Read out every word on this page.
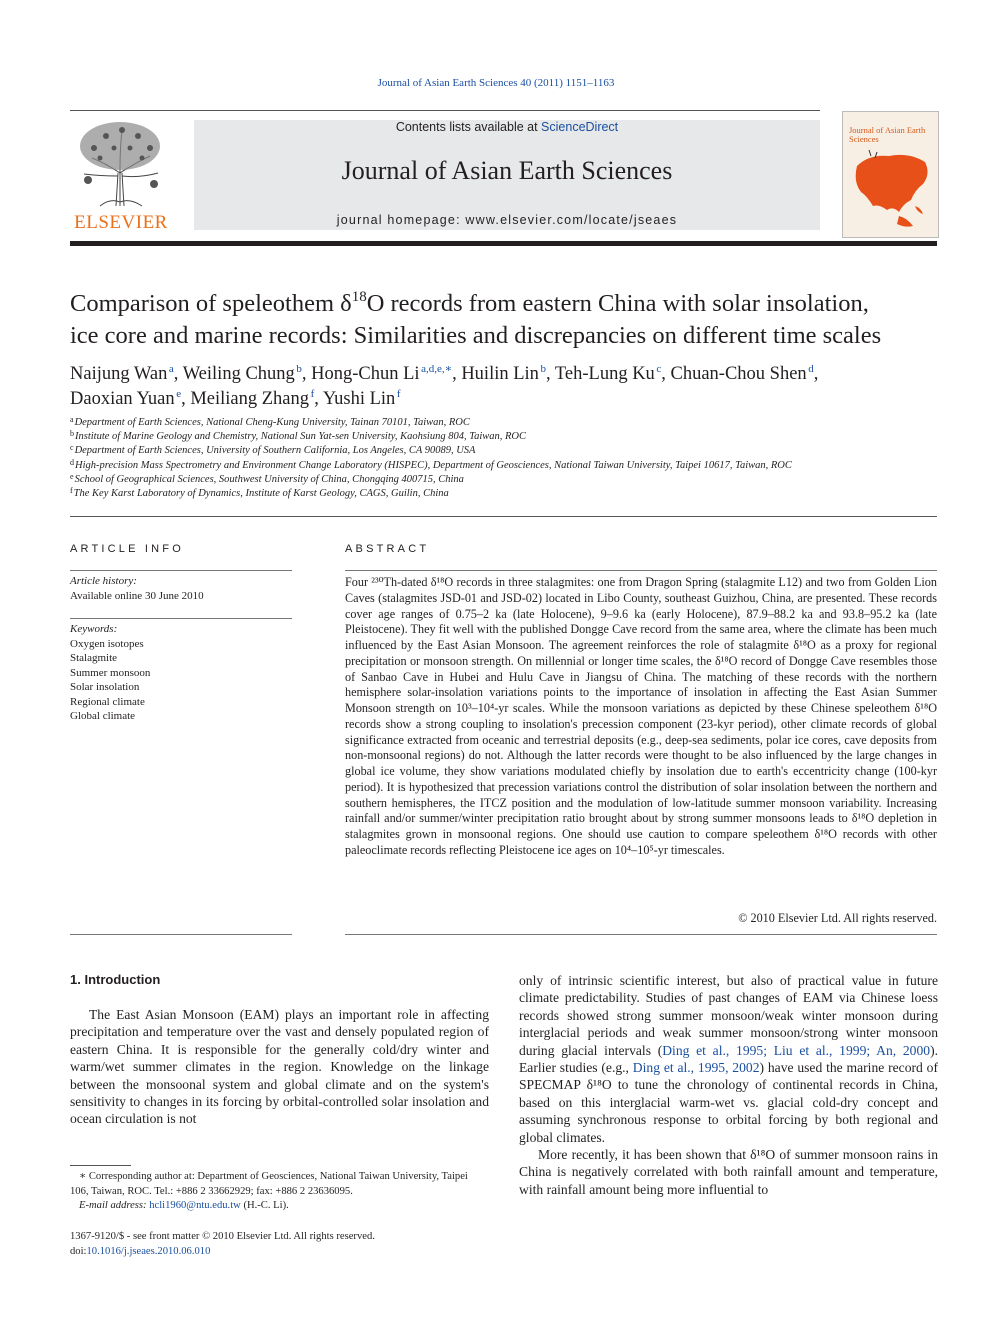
Journal of Asian Earth Sciences 40 (2011) 1151–1163
ELSEVIER
Contents lists available at ScienceDirect
Journal of Asian Earth Sciences
journal homepage: www.elsevier.com/locate/jseaes
Journal of Asian Earth Sciences
Comparison of speleothem $\delta^{18}O$ records from eastern China with solar insolation,
ice core and marine records: Similarities and discrepancies on different time scales
Naijung Wan  $^a$, Weiling Chung  $^b$, Hong-Chun Li  $^{a,d,e,∗}$, Huilin Lin  $^b$, Teh-Lung Ku  $^c$, Chuan-Chou Shen  $^d$,
Daoxian Yuan  $^e$, Meiliang Zhang  $^f$, Yushi Lin  $^f$
$^a$Department of Earth Sciences, National Cheng-Kung University, Tainan 70101, Taiwan, ROC
$^b$Institute of Marine Geology and Chemistry, National Sun Yat-sen University, Kaohsiung 804, Taiwan, ROC
$^c$Department of Earth Sciences, University of Southern California, Los Angeles, CA 90089, USA
$^d$High-precision Mass Spectrometry and Environment Change Laboratory (HISPEC), Department of Geosciences, National Taiwan University, Taipei 10617, Taiwan, ROC
$^e$School of Geographical Sciences, Southwest University of China, Chongqing 400715, China
$^f$The Key Karst Laboratory of Dynamics, Institute of Karst Geology, CAGS, Guilin, China
ARTICLE INFO
Article history:
Available online 30 June 2010
Keywords:
Oxygen isotopes
Stalagmite
Summer monsoon
Solar insolation
Regional climate
Global climate
ABSTRACT
Four ²³⁰Th-dated δ¹⁸O records in three stalagmites: one from Dragon Spring (stalagmite L12) and two from Golden Lion Caves (stalagmites JSD-01 and JSD-02) located in Libo County, southeast Guizhou, China, are presented. These records cover age ranges of 0.75–2 ka (late Holocene), 9–9.6 ka (early Holocene), 87.9–88.2 ka and 93.8–95.2 ka (late Pleistocene). They fit well with the published Dongge Cave record from the same area, where the climate has been much influenced by the East Asian Monsoon. The agreement reinforces the role of stalagmite δ¹⁸O as a proxy for regional precipitation or monsoon strength. On millennial or longer time scales, the δ¹⁸O record of Dongge Cave resembles those of Sanbao Cave in Hubei and Hulu Cave in Jiangsu of China. The matching of these records with the northern hemisphere solar-insolation variations points to the importance of insolation in affecting the East Asian Summer Monsoon strength on 10³–10⁴-yr scales. While the monsoon variations as depicted by these Chinese speleothem δ¹⁸O records show a strong coupling to insolation's precession component (23-kyr period), other climate records of global significance extracted from oceanic and terrestrial deposits (e.g., deep-sea sediments, polar ice cores, cave deposits from non-monsoonal regions) do not. Although the latter records were thought to be also influenced by the large changes in global ice volume, they show variations modulated chiefly by insolation due to earth's eccentricity change (100-kyr period). It is hypothesized that precession variations control the distribution of solar insolation between the northern and southern hemispheres, the ITCZ position and the modulation of low-latitude summer monsoon variability. Increasing rainfall and/or summer/winter precipitation ratio brought about by strong summer monsoons leads to δ¹⁸O depletion in stalagmites grown in monsoonal regions. One should use caution to compare speleothem δ¹⁸O records with other paleoclimate records reflecting Pleistocene ice ages on 10⁴–10⁵-yr timescales.
© 2010 Elsevier Ltd. All rights reserved.
1. Introduction

The East Asian Monsoon (EAM) plays an important role in affecting precipitation and temperature over the vast and densely populated region of eastern China. It is responsible for the generally cold/dry winter and warm/wet summer climates in the region. Knowledge on the linkage between the monsoonal system and global climate and on the system's sensitivity to changes in its forcing by orbital-controlled solar insolation and ocean circulation is not

only of intrinsic scientific interest, but also of practical value in future climate predictability. Studies of past changes of EAM via Chinese loess records showed strong summer monsoon/weak winter monsoon during interglacial periods and weak summer monsoon/strong winter monsoon during glacial intervals (Ding et al., 1995; Liu et al., 1999; An, 2000). Earlier studies (e.g., Ding et al., 1995, 2002) have used the marine record of SPECMAP δ¹⁸O to tune the chronology of continental records in China, based on this interglacial warm-wet vs. glacial cold-dry concept and assuming synchronous response to orbital forcing by both regional and global climates.

More recently, it has been shown that δ¹⁸O of summer monsoon rains in China is negatively correlated with both rainfall amount and temperature, with rainfall amount being more influential to

∗ Corresponding author at: Department of Geosciences, National Taiwan University, Taipei 106, Taiwan, ROC. Tel.: +886 2 33662929; fax: +886 2 23636095.
E-mail address: hcli1960@ntu.edu.tw (H.-C. Li).
1367-9120/$ - see front matter © 2010 Elsevier Ltd. All rights reserved.
doi:10.1016/j.jseaes.2010.06.010
